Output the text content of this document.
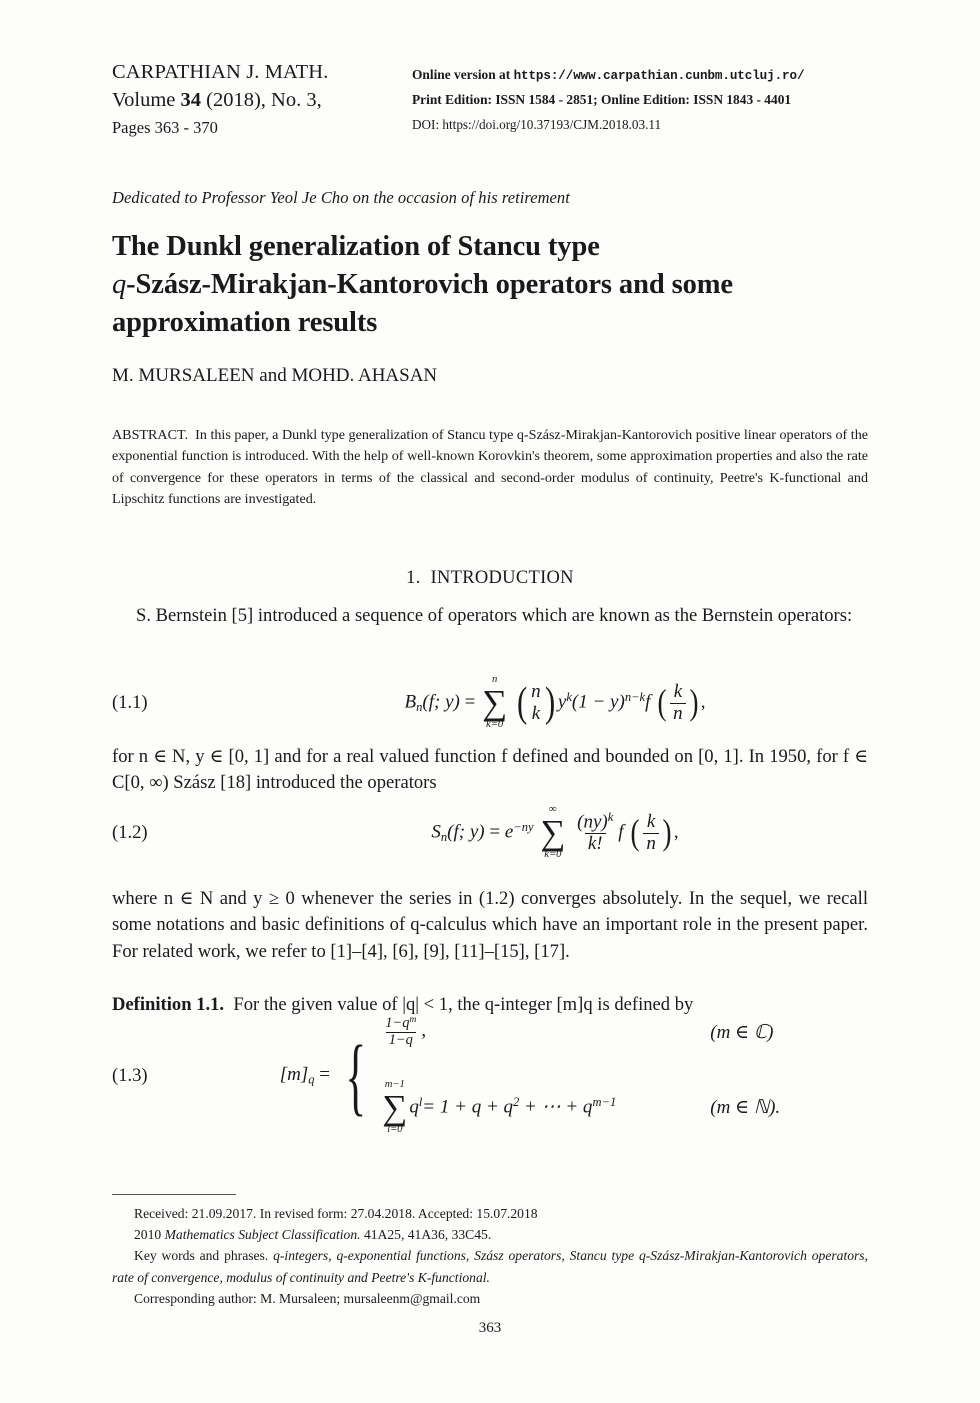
CARPATHIAN J. MATH.
Volume 34 (2018), No. 3,
Pages 363 - 370
Online version at https://www.carpathian.cunbm.utcluj.ro/
Print Edition: ISSN 1584 - 2851; Online Edition: ISSN 1843 - 4401
DOI: https://doi.org/10.37193/CJM.2018.03.11
Dedicated to Professor Yeol Je Cho on the occasion of his retirement
The Dunkl generalization of Stancu type
q-Szász-Mirakjan-Kantorovich operators and some
approximation results
M. MURSALEEN and MOHD. AHASAN
ABSTRACT. In this paper, a Dunkl type generalization of Stancu type q-Szász-Mirakjan-Kantorovich positive linear operators of the exponential function is introduced. With the help of well-known Korovkin's theorem, some approximation properties and also the rate of convergence for these operators in terms of the classical and second-order modulus of continuity, Peetre's K-functional and Lipschitz functions are investigated.
1. INTRODUCTION
S. Bernstein [5] introduced a sequence of operators which are known as the Bernstein operators:
(1.1)	$B_n(f$; y) =
n
∑
k=0
( n
k ) $y^k(1 - y)^{n-k}f$ ( $\frac{k}{n}$ ) ,
for n ∈ N, y ∈ [0, 1] and for a real valued function f defined and bounded on [0, 1]. In 1950, for f ∈ C[0, ∞) Szász [18] introduced the operators
(1.2)	$S_n(f$; $y) = e^{-ny}$
∞
∑
k=0
$\frac{(ny)^k}{k!}$ f ( $\frac{k}{n}$ ) ,
where n ∈ N and y ≥ 0 whenever the series in (1.2) converges absolutely. In the sequel, we recall some notations and basic definitions of q-calculus which have an important role in the present paper. For related work, we refer to [1]–[4], [6], [9], [11]–[15], [17].
Definition 1.1. For the given value of |q| < 1, the q-integer [m]q is defined by
(1.3)	$[m]_q$ = { $\frac{1-q^m}{1-q}$ ,	(m ∈ ℂ)
m−1
∑
l=0
$q^l= 1 + q + q^2$ + ⋯ + $q^{m-1}$	(m ∈ ℕ).
Received: 21.09.2017. In revised form: 27.04.2018. Accepted: 15.07.2018
2010 Mathematics Subject Classification. 41A25, 41A36, 33C45.
Key words and phrases. q-integers, q-exponential functions, Szász operators, Stancu type q-Szász-Mirakjan-Kantorovich operators, rate of convergence, modulus of continuity and Peetre's K-functional.
Corresponding author: M. Mursaleen; mursaleenm@gmail.com
363
